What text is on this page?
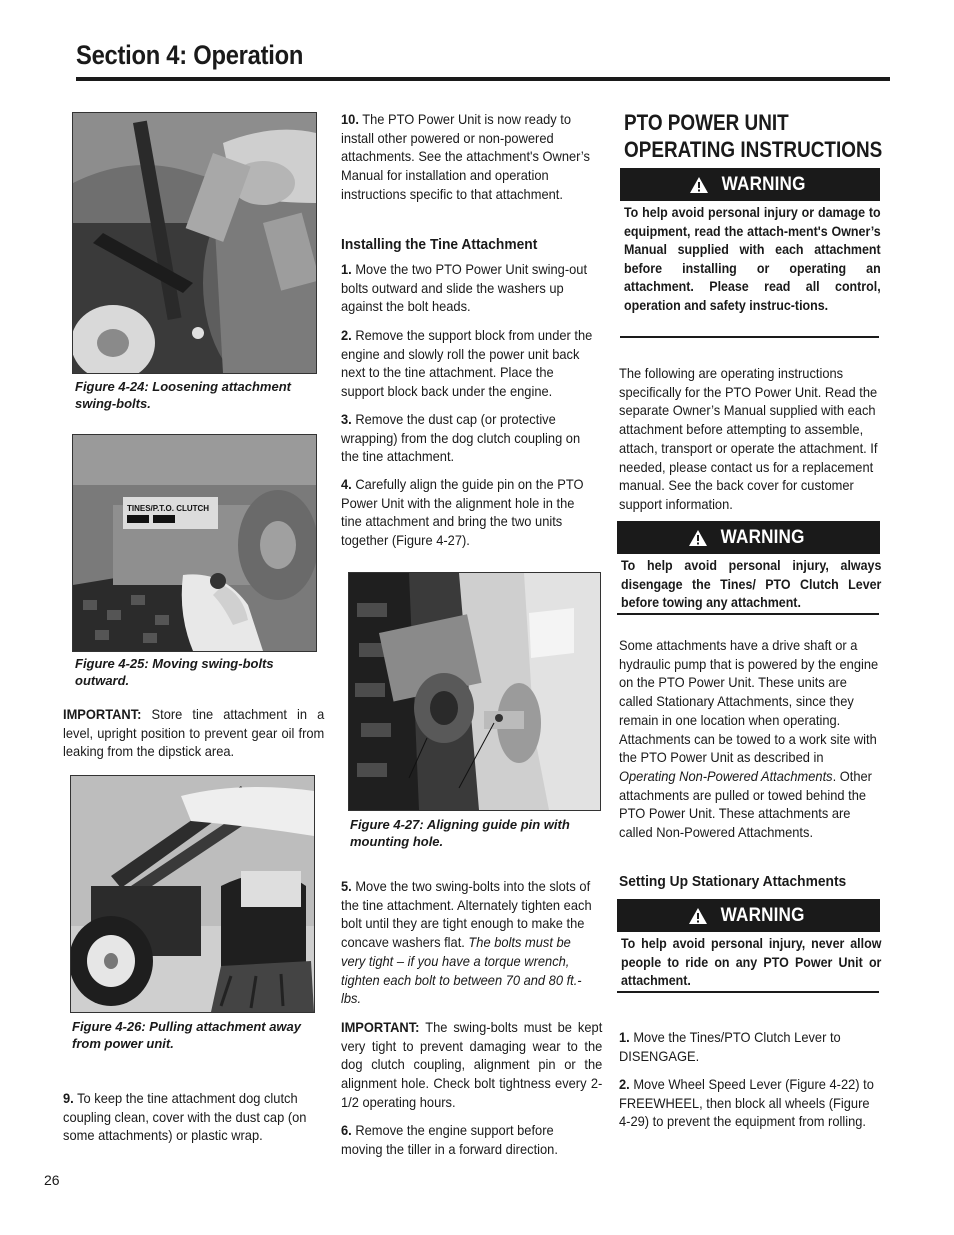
Section 4: Operation

Figure 4-24: Loosening attachment swing-bolts.

TINES/P.T.O. CLUTCH

Figure 4-25: Moving swing-bolts outward.

IMPORTANT: Store tine attachment in a level, upright position to prevent gear oil from leaking from the dipstick area.

Figure 4-26: Pulling attachment away from power unit.

9. To keep the tine attachment dog clutch coupling clean, cover with the dust cap (on some attachments) or plastic wrap.

26

10. The PTO Power Unit is now ready to install other powered or non-powered attachments. See the attachment's Owner’s Manual for installation and operation instructions specific to that attachment.

Installing the Tine Attachment

1. Move the two PTO Power Unit swing-out bolts outward and slide the washers up against the bolt heads.

2. Remove the support block from under the engine and slowly roll the power unit back next to the tine attachment. Place the support block back under the engine.

3. Remove the dust cap (or protective wrapping) from the dog clutch coupling on the tine attachment.

4. Carefully align the guide pin on the PTO Power Unit with the alignment hole in the tine attachment and bring the two units together (Figure 4-27).

Figure 4-27: Aligning guide pin with mounting hole.

5. Move the two swing-bolts into the slots of the tine attachment. Alternately tighten each bolt until they are tight enough to make the concave washers flat. The bolts must be very tight – if you have a torque wrench, tighten each bolt to between 70 and 80 ft.-lbs.

IMPORTANT: The swing-bolts must be kept very tight to prevent damaging wear to the dog clutch coupling, alignment pin or the alignment hole. Check bolt tightness every 2-1/2 operating hours.

6. Remove the engine support before moving the tiller in a forward direction.

PTO POWER UNIT
OPERATING INSTRUCTIONS
WARNING

To help avoid personal injury or damage to equipment, read the attach-ment's Owner’s Manual supplied with each attachment before installing or operating an attachment. Please read all control, operation and safety instruc-tions.

The following are operating instructions specifically for the PTO Power Unit. Read the separate Owner’s Manual supplied with each attachment before attempting to assemble, attach, transport or operate the attachment. If needed, please contact us for a replacement manual. See the back cover for customer support information.

WARNING

To help avoid personal injury, always disengage the Tines/ PTO Clutch Lever before towing any attachment.

Some attachments have a drive shaft or a hydraulic pump that is powered by the engine on the PTO Power Unit. These units are called Stationary Attachments, since they remain in one location when operating. Attachments can be towed to a work site with the PTO Power Unit as described in Operating Non-Powered Attachments. Other attachments are pulled or towed behind the PTO Power Unit. These attachments are called Non-Powered Attachments.

Setting Up Stationary Attachments

WARNING

To help avoid personal injury, never allow people to ride on any PTO Power Unit or attachment.

1. Move the Tines/PTO Clutch Lever to DISENGAGE.

2. Move Wheel Speed Lever (Figure 4-22) to FREEWHEEL, then block all wheels (Figure 4-29) to prevent the equipment from rolling.
